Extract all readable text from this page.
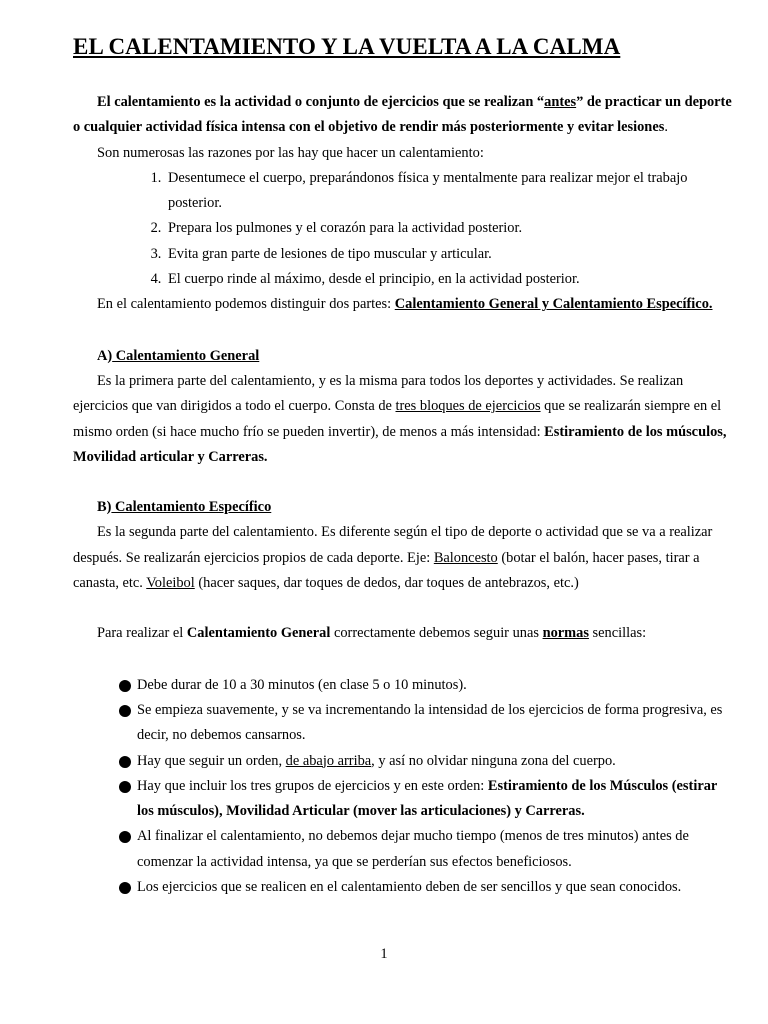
EL CALENTAMIENTO Y LA VUELTA A LA CALMA

El calentamiento es la actividad o conjunto de ejercicios que se realizan “antes” de practicar un deporte o cualquier actividad física intensa con el objetivo de rendir más posteriormente y evitar lesiones.

Son numerosas las razones por las hay que hacer un calentamiento:

1. Desentumece el cuerpo, preparándonos física y mentalmente para realizar mejor el trabajo posterior.
2. Prepara los pulmones y el corazón para la actividad posterior.
3. Evita gran parte de lesiones de tipo muscular y articular.
4. El cuerpo rinde al máximo, desde el principio, en la actividad posterior.

En el calentamiento podemos distinguir dos partes: Calentamiento General y Calentamiento Específico.

A) Calentamiento General

Es la primera parte del calentamiento, y es la misma para todos los deportes y actividades. Se realizan ejercicios que van dirigidos a todo el cuerpo. Consta de tres bloques de ejercicios que se realizarán siempre en el mismo orden (si hace mucho frío se pueden invertir), de menos a más intensidad: Estiramiento de los músculos, Movilidad articular y Carreras.

B) Calentamiento Específico

Es la segunda parte del calentamiento. Es diferente según el tipo de deporte o actividad que se va a realizar después. Se realizarán ejercicios propios de cada deporte. Eje: Baloncesto (botar el balón, hacer pases, tirar a canasta, etc. Voleibol (hacer saques, dar toques de dedos, dar toques de antebrazos, etc.)

Para realizar el Calentamiento General correctamente debemos seguir unas normas sencillas:

Debe durar de 10 a 30 minutos (en clase 5 o 10 minutos).
Se empieza suavemente, y se va incrementando la intensidad de los ejercicios de forma progresiva, es decir, no debemos cansarnos.
Hay que seguir un orden, de abajo arriba, y así no olvidar ninguna zona del cuerpo.
Hay que incluir los tres grupos de ejercicios y en este orden: Estiramiento de los Músculos (estirar los músculos), Movilidad Articular (mover las articulaciones) y Carreras.
Al finalizar el calentamiento, no debemos dejar mucho tiempo (menos de tres minutos) antes de comenzar la actividad intensa, ya que se perderían sus efectos beneficiosos.
Los ejercicios que se realicen en el calentamiento deben de ser sencillos y que sean conocidos.
1
